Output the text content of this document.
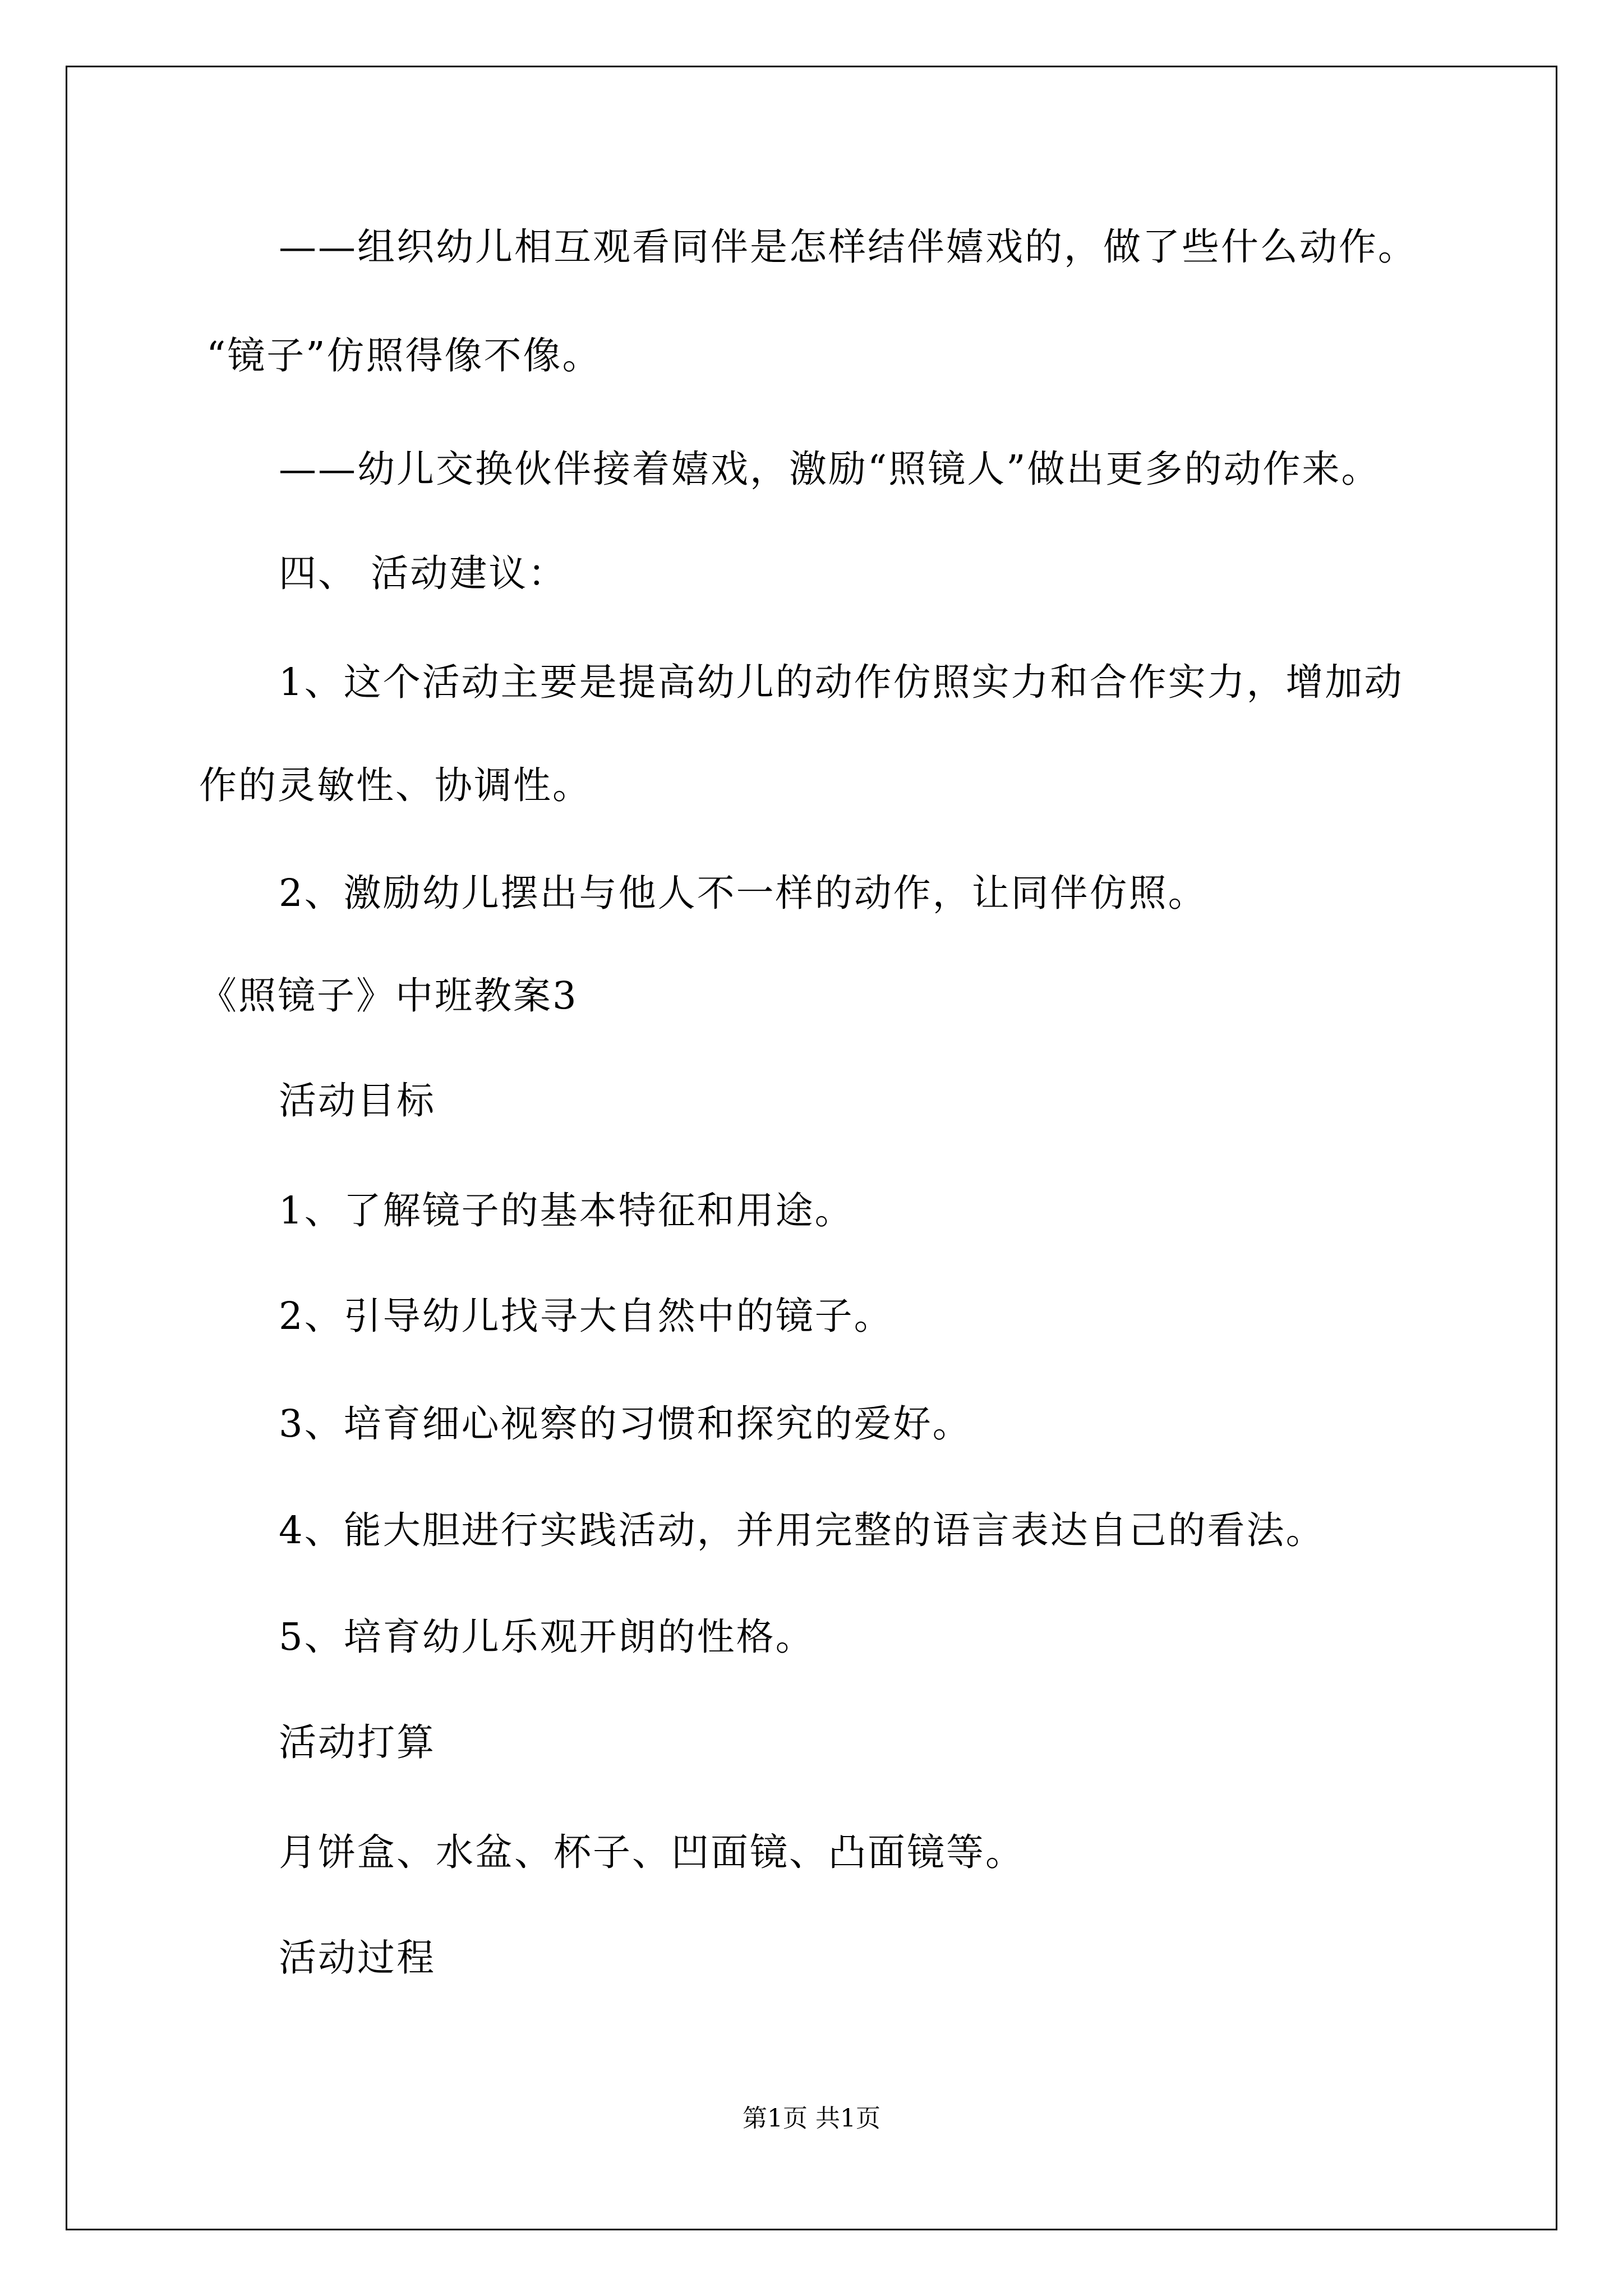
——组织幼儿相互观看同伴是怎样结伴嬉戏的，做了些什么动作。
“镜子”仿照得像不像。
——幼儿交换伙伴接着嬉戏，激励“照镜人”做出更多的动作来。
四、 活动建议：
1、这个活动主要是提高幼儿的动作仿照实力和合作实力，增加动
作的灵敏性、协调性。
2、激励幼儿摆出与他人不一样的动作，让同伴仿照。
《照镜子》中班教案3
活动目标
1、了解镜子的基本特征和用途。
2、引导幼儿找寻大自然中的镜子。
3、培育细心视察的习惯和探究的爱好。
4、能大胆进行实践活动，并用完整的语言表达自己的看法。
5、培育幼儿乐观开朗的性格。
活动打算
月饼盒、水盆、杯子、凹面镜、凸面镜等。
活动过程
第1页 共1页
